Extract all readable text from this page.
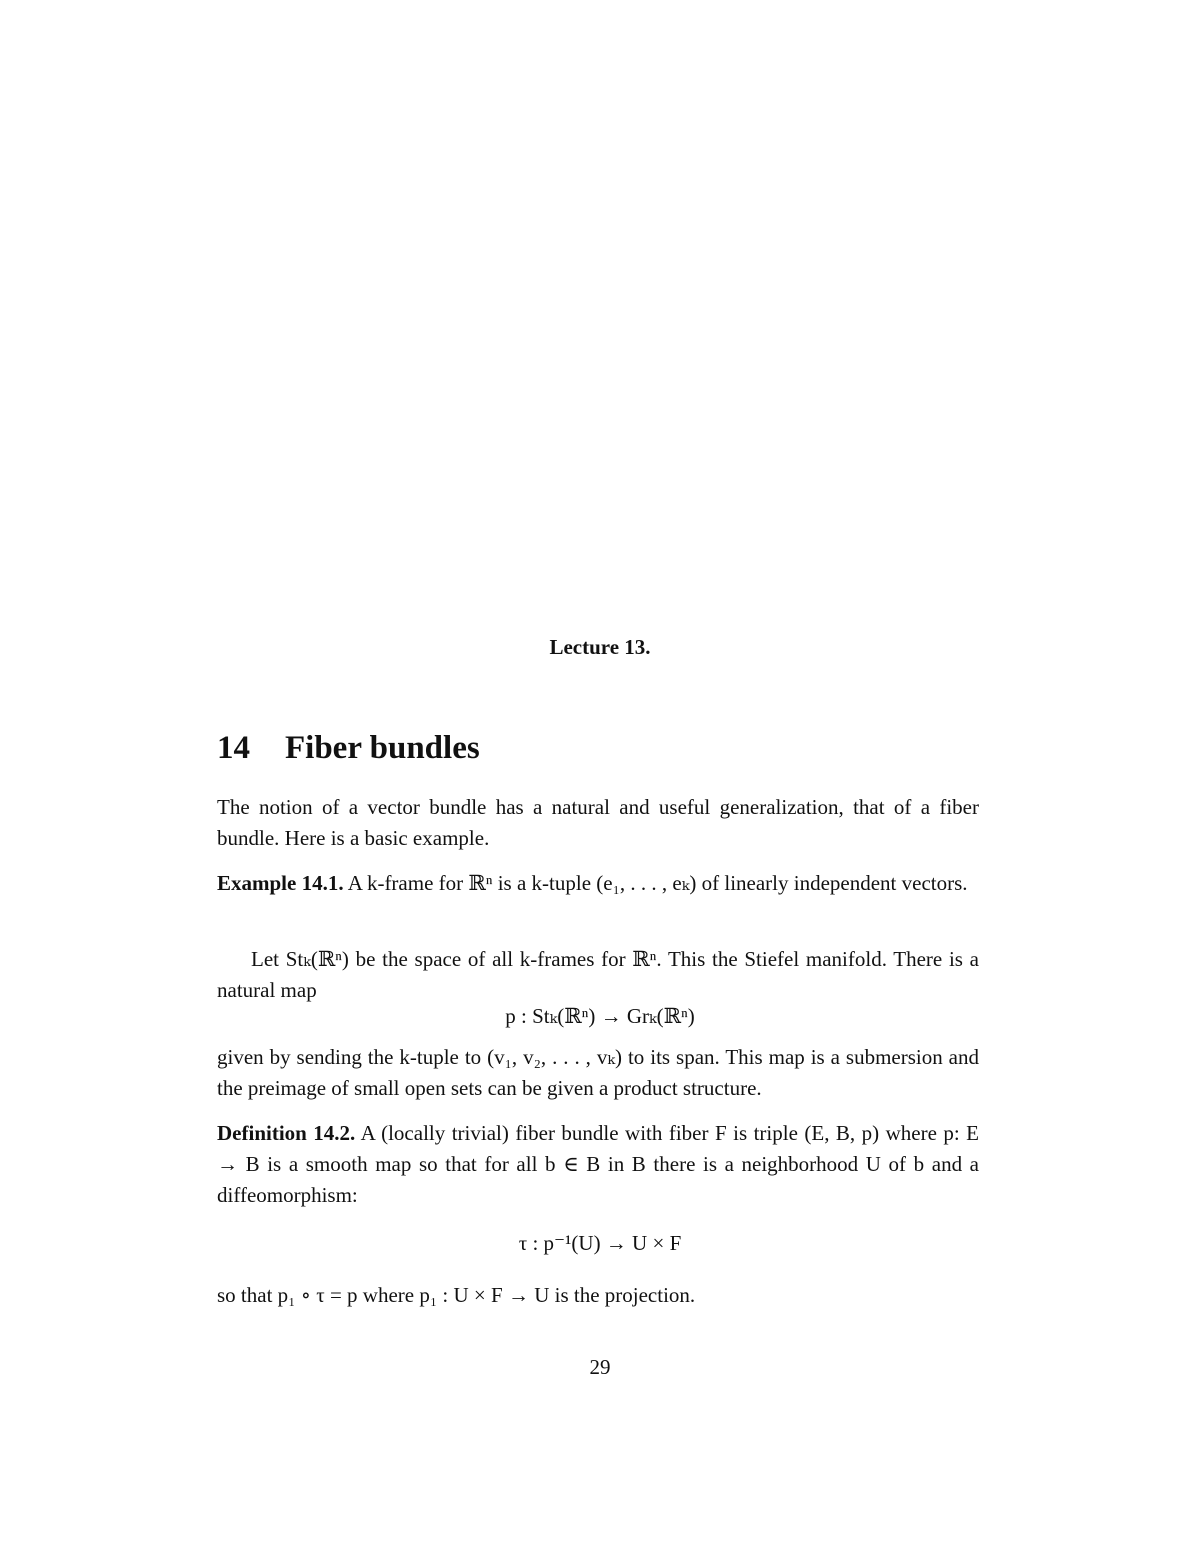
Lecture 13.
14 Fiber bundles
The notion of a vector bundle has a natural and useful generalization, that of a fiber bundle. Here is a basic example.
Example 14.1. A k-frame for ℝⁿ is a k-tuple (e₁, . . . , eₖ) of linearly independent vectors.
Let Stₖ(ℝⁿ) be the space of all k-frames for ℝⁿ. This the Stiefel manifold. There is a natural map
p : Stₖ(ℝⁿ) → Grₖ(ℝⁿ)
given by sending the k-tuple to (v₁, v₂, . . . , vₖ) to its span. This map is a submersion and the preimage of small open sets can be given a product structure.
Definition 14.2. A (locally trivial) fiber bundle with fiber F is triple (E, B, p) where p: E → B is a smooth map so that for all b ∈ B in B there is a neighborhood U of b and a diffeomorphism:
τ : p⁻¹(U) → U × F
so that p₁ ∘ τ = p where p₁ : U × F → U is the projection.
29
